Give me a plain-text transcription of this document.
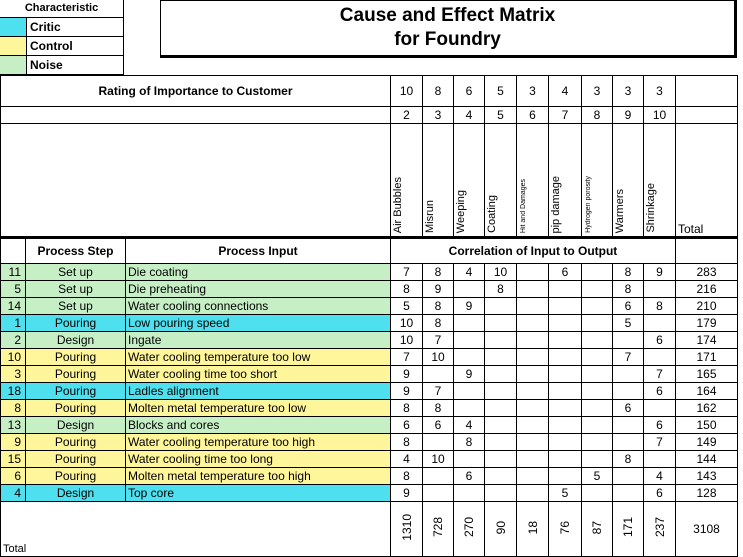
Characteristic
Critic
Control
Noise
Cause and Effect Matrix
for Foundry
Rating of Importance to Customer			10	8	6	5	3	4	3	3	3	
			2	3	4	5	6	7	8	9	10	
			Air Bubbles	Misrun	Weeping	Coating	Hit and Damages	pip damage	Hydrogen porosity	Warmers	Shrinkage	Total
	Process Step	Process Input	Correlation of Input to Output									
11	Set up	Die coating	7	8	4	10		6		8	9	283
5	Set up	Die preheating	8	9		8				8		216
14	Set up	Water cooling connections	5	8	9					6	8	210
1	Pouring	Low pouring speed	10	8						5		179
2	Design	Ingate	10	7							6	174
10	Pouring	Water cooling temperature too low	7	10						7		171
3	Pouring	Water cooling time too short	9		9						7	165
18	Pouring	Ladles alignment	9	7							6	164
8	Pouring	Molten metal temperature too low	8	8						6		162
13	Design	Blocks and cores	6	6	4						6	150
9	Pouring	Water cooling temperature too high	8		8						7	149
15	Pouring	Water cooling time too long	4	10						8		144
6	Pouring	Molten metal temperature too high	8		6				5		4	143
4	Design	Top core	9					5			6	128
Total			1310	728	270	90	18	76	87	171	237	3108
